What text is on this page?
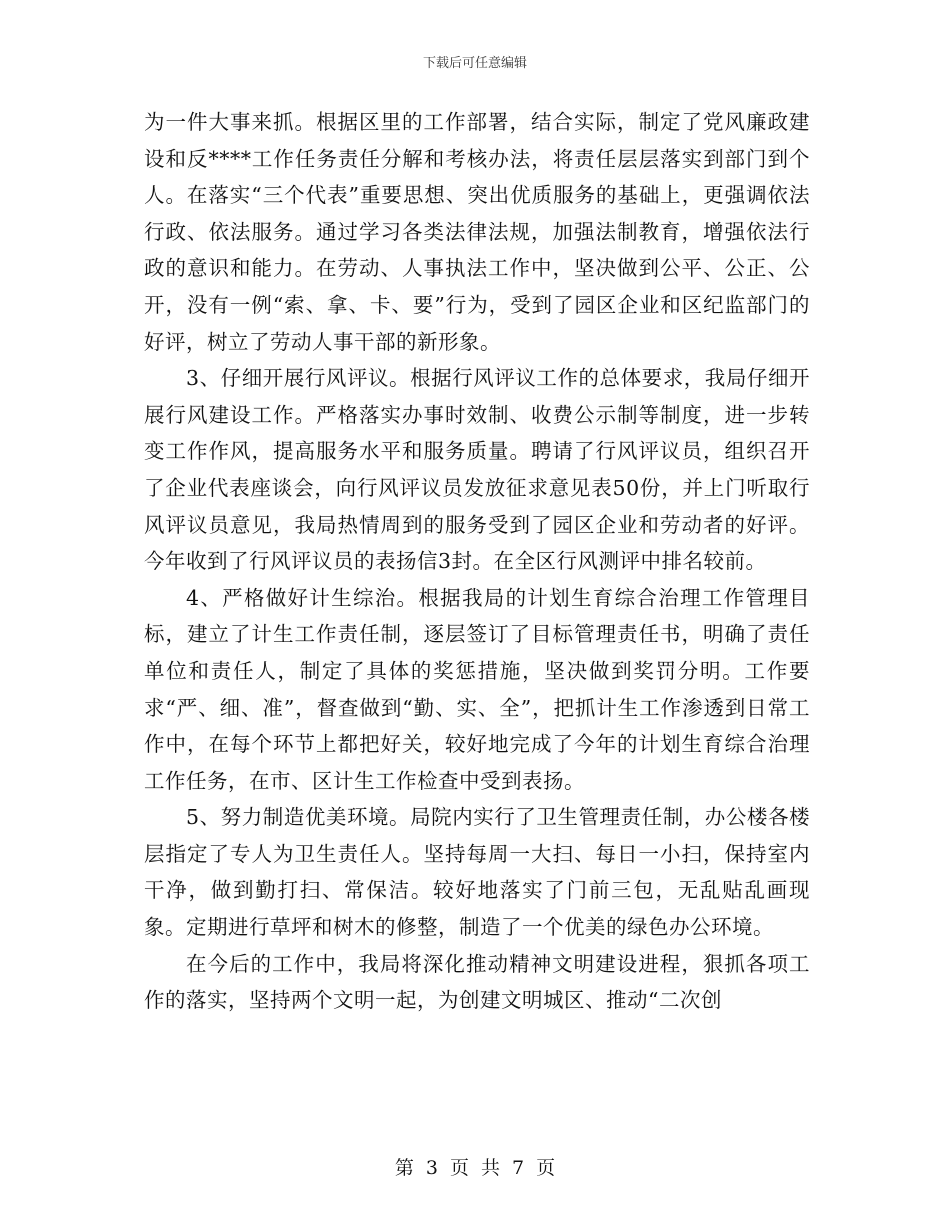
下载后可任意编辑

为一件大事来抓。根据区里的工作部署，结合实际，制定了党风廉政建设和反****工作任务责任分解和考核办法，将责任层层落实到部门到个人。在落实“三个代表”重要思想、突出优质服务的基础上，更强调依法行政、依法服务。通过学习各类法律法规，加强法制教育，增强依法行政的意识和能力。在劳动、人事执法工作中，坚决做到公平、公正、公开，没有一例“索、拿、卡、要”行为，受到了园区企业和区纪监部门的好评，树立了劳动人事干部的新形象。

3、仔细开展行风评议。根据行风评议工作的总体要求，我局仔细开展行风建设工作。严格落实办事时效制、收费公示制等制度，进一步转变工作作风，提高服务水平和服务质量。聘请了行风评议员，组织召开了企业代表座谈会，向行风评议员发放征求意见表50份，并上门听取行风评议员意见，我局热情周到的服务受到了园区企业和劳动者的好评。今年收到了行风评议员的表扬信3封。在全区行风测评中排名较前。

4、严格做好计生综治。根据我局的计划生育综合治理工作管理目标，建立了计生工作责任制，逐层签订了目标管理责任书，明确了责任单位和责任人，制定了具体的奖惩措施，坚决做到奖罚分明。工作要求“严、细、准”，督查做到“勤、实、全”，把抓计生工作渗透到日常工作中，在每个环节上都把好关，较好地完成了今年的计划生育综合治理工作任务，在市、区计生工作检查中受到表扬。

5、努力制造优美环境。局院内实行了卫生管理责任制，办公楼各楼层指定了专人为卫生责任人。坚持每周一大扫、每日一小扫，保持室内干净，做到勤打扫、常保洁。较好地落实了门前三包，无乱贴乱画现象。定期进行草坪和树木的修整，制造了一个优美的绿色办公环境。

在今后的工作中，我局将深化推动精神文明建设进程，狠抓各项工作的落实，坚持两个文明一起，为创建文明城区、推动“二次创

第 3 页 共 7 页
